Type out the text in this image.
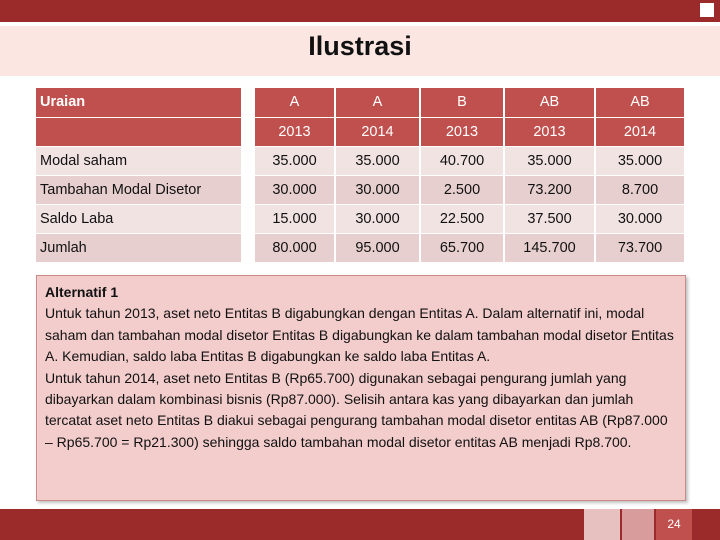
Ilustrasi
Uraian	A	A	B	AB	AB
	2013	2014	2013	2013	2014
Modal saham	35.000	35.000	40.700	35.000	35.000
Tambahan Modal Disetor	30.000	30.000	2.500	73.200	8.700
Saldo Laba	15.000	30.000	22.500	37.500	30.000
Jumlah	80.000	95.000	65.700	145.700	73.700
Alternatif 1
Untuk tahun 2013, aset neto Entitas B digabungkan dengan Entitas A. Dalam alternatif ini, modal saham dan tambahan modal disetor Entitas B digabungkan ke dalam tambahan modal disetor Entitas A. Kemudian, saldo laba Entitas B digabungkan ke saldo laba Entitas A.
Untuk tahun 2014, aset neto Entitas B (Rp65.700) digunakan sebagai pengurang jumlah yang dibayarkan dalam kombinasi bisnis (Rp87.000). Selisih antara kas yang dibayarkan dan jumlah tercatat aset neto Entitas B diakui sebagai pengurang tambahan modal disetor entitas AB (Rp87.000 – Rp65.700 = Rp21.300) sehingga saldo tambahan modal disetor entitas AB menjadi Rp8.700.
24
